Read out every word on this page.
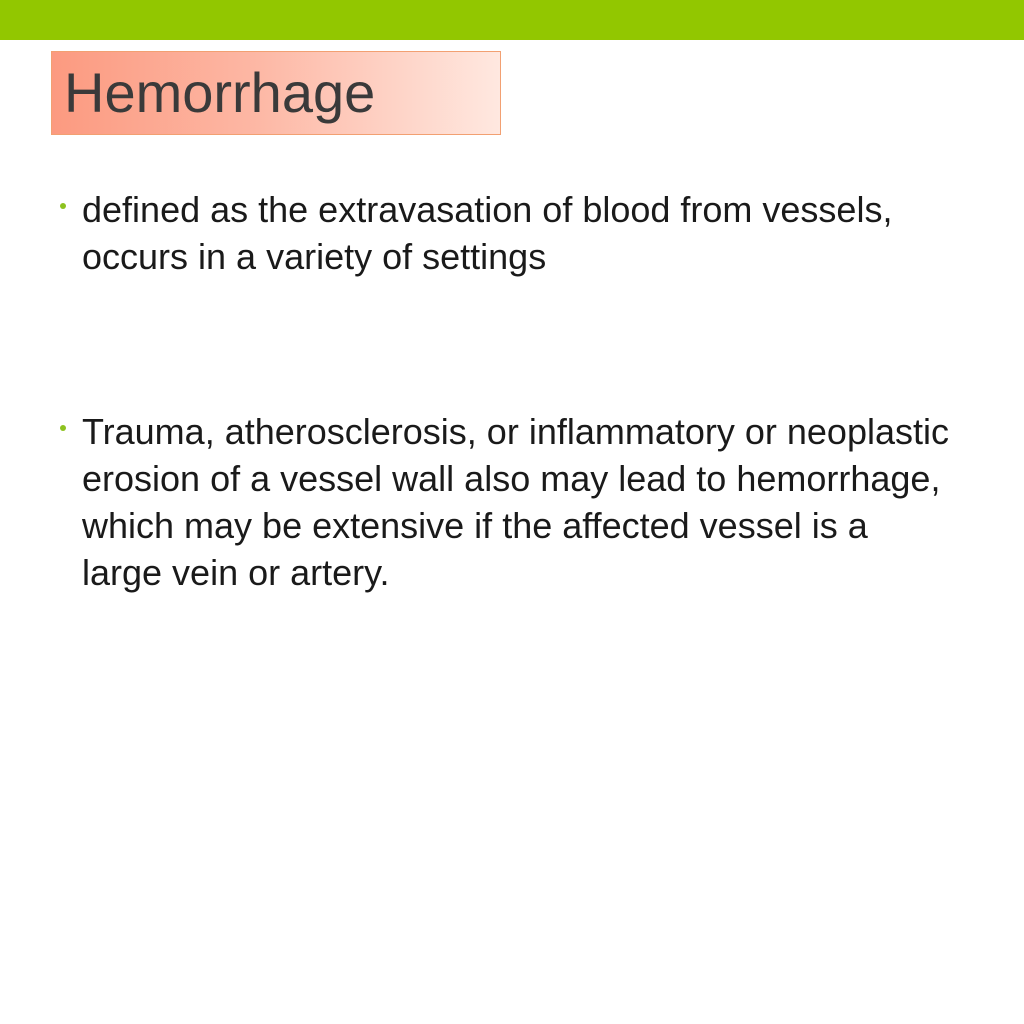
Hemorrhage
defined as the extravasation of blood from vessels, occurs in a variety of settings
Trauma, atherosclerosis, or inflammatory or neoplastic erosion of a vessel wall also may lead to hemorrhage, which may be extensive if the affected vessel is a large vein or artery.
